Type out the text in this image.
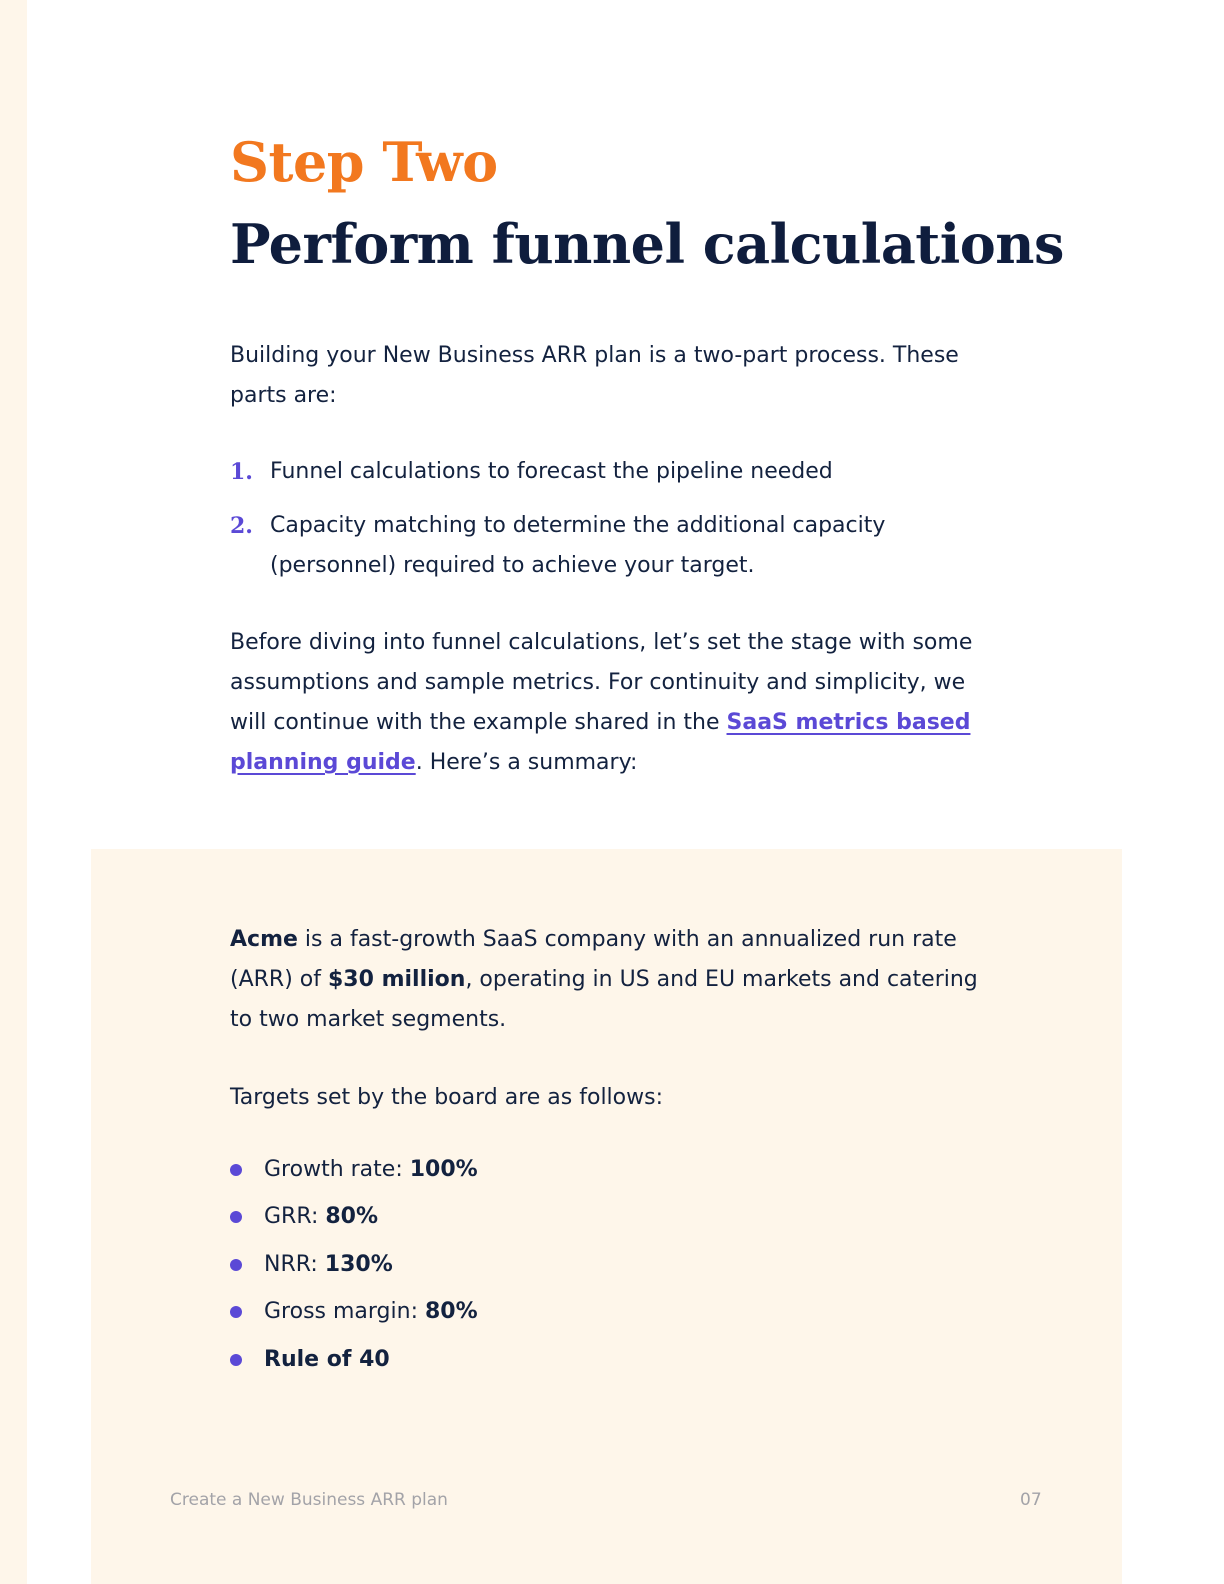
Step Two
Perform funnel calculations

Building your New Business ARR plan is a two-part process. These parts are:

1. Funnel calculations to forecast the pipeline needed
2. Capacity matching to determine the additional capacity (personnel) required to achieve your target.

Before diving into funnel calculations, let’s set the stage with some assumptions and sample metrics. For continuity and simplicity, we will continue with the example shared in the SaaS metrics based planning guide. Here’s a summary:

Acme is a fast-growth SaaS company with an annualized run rate (ARR) of $30 million, operating in US and EU markets and catering to two market segments.

Targets set by the board are as follows:

Growth rate: 100%
GRR: 80%
NRR: 130%
Gross margin: 80%
Rule of 40
Create a New Business ARR plan	07
